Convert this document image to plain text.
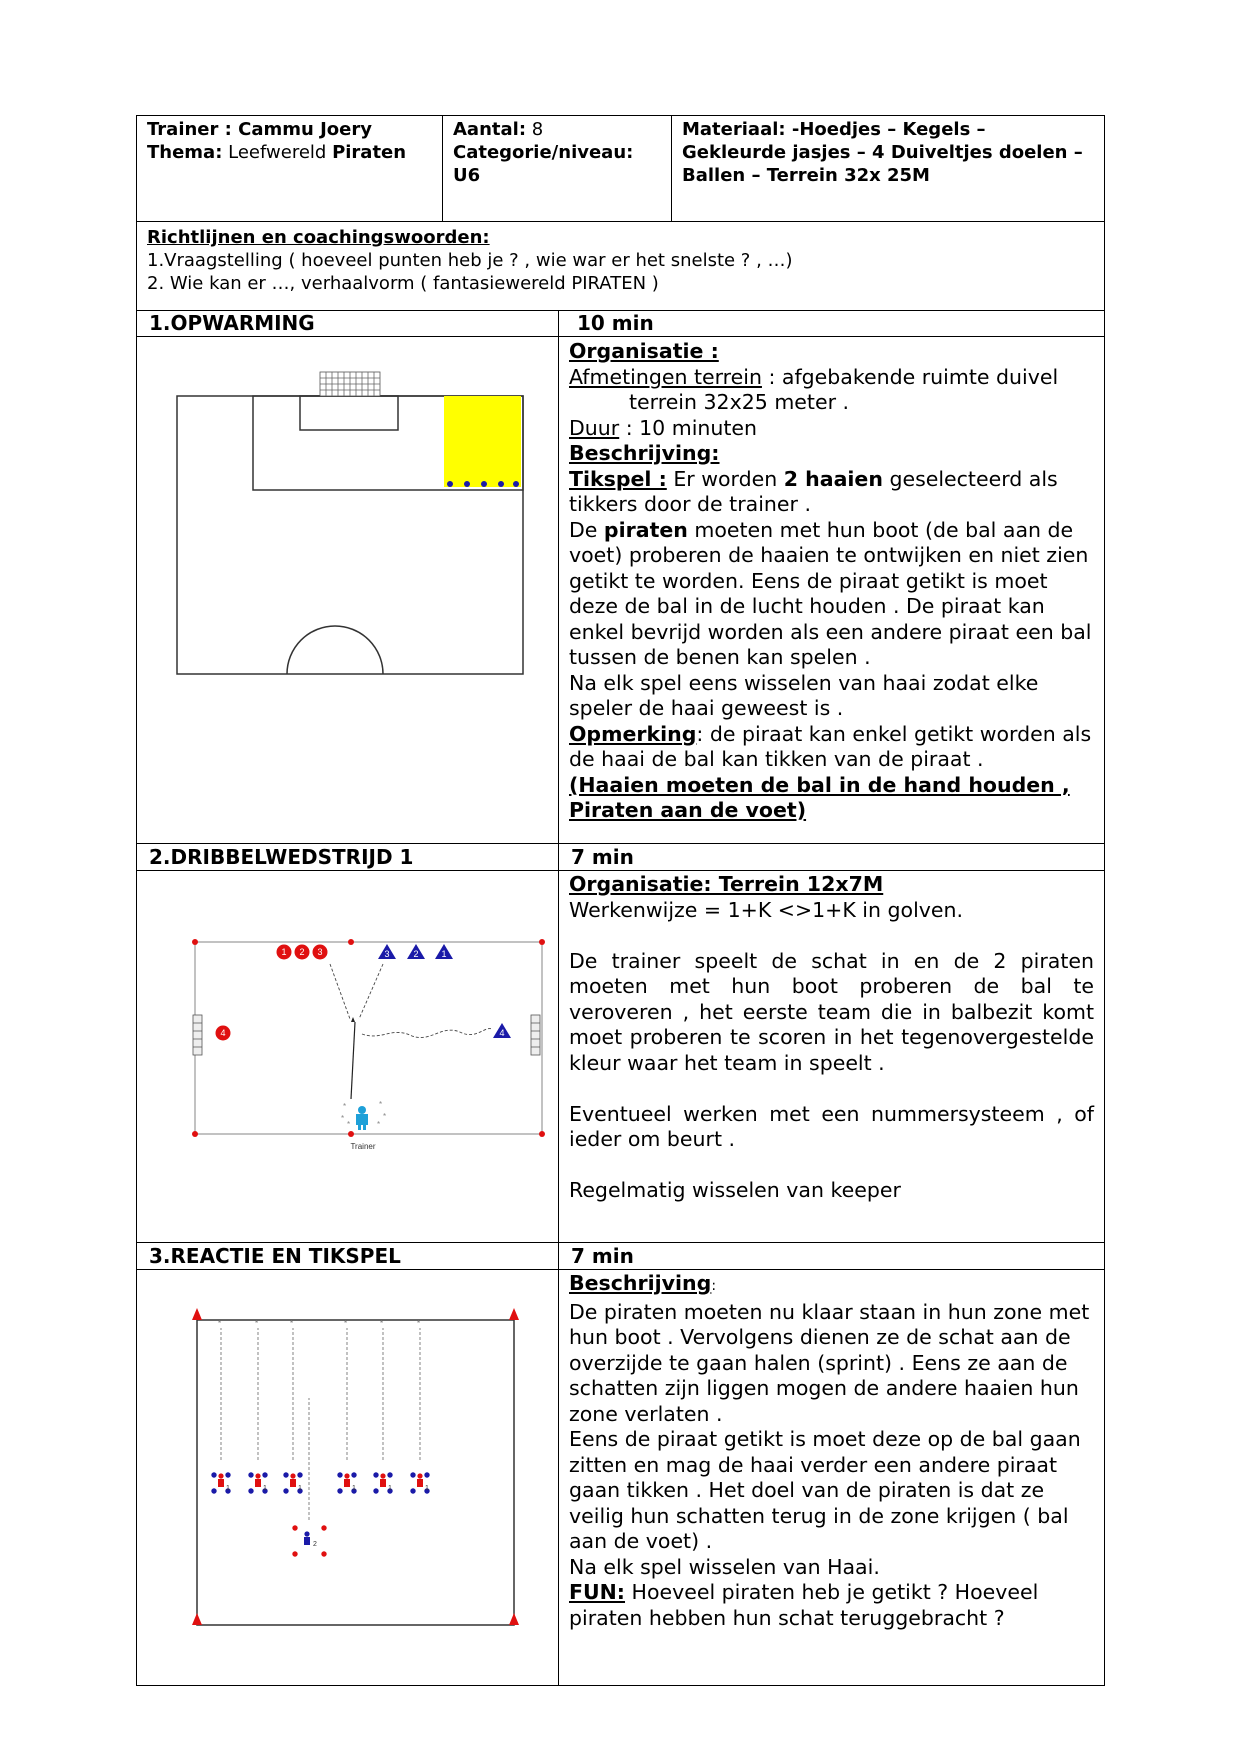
Trainer : Cammu Joery
Thema: Leefwereld Piraten
Aantal: 8
Categorie/niveau:
U6
Materiaal: -Hoedjes – Kegels – Gekleurde jasjes – 4 Duiveltjes doelen – Ballen – Terrein 32x 25M
Richtlijnen en coachingswoorden:
1.Vraagstelling ( hoeveel punten heb je ? , wie war er het snelste ? , …)
2. Wie kan er …, verhaalvorm ( fantasiewereld PIRATEN )
1.OPWARMING	10 min

Organisatie :

Afmetingen terrein : afgebakende ruimte duivel

terrein 32x25 meter .

Duur : 10 minuten

Beschrijving:

Tikspel : Er worden 2 haaien geselecteerd als tikkers door de trainer .

De piraten moeten met hun boot (de bal aan de voet) proberen de haaien te ontwijken en niet zien getikt te worden. Eens de piraat getikt is moet deze de bal in de lucht houden . De piraat kan enkel bevrijd worden als een andere piraat een bal tussen de benen kan spelen .

Na elk spel eens wisselen van haai zodat elke speler de haai geweest is .

Opmerking: de piraat kan enkel getikt worden als de haai de bal kan tikken van de piraat .

(Haaien moeten de bal in de hand houden , Piraten aan de voet)

2.DRIBBELWEDSTRIJD 1	7 min
1 2 3
4
3	2	1
4
*	*
*	*
*	*
Trainer

Organisatie: Terrein 12x7M

Werkenwijze = 1+K <>1+K in golven.

De trainer speelt de schat in en de 2 piraten moeten met hun boot proberen de bal te veroveren , het eerste team die in balbezit komt moet proberen te scoren in het tegenovergestelde kleur waar het team in speelt .

Eventueel werken met een nummersysteem , of ieder om beurt .

Regelmatig wisselen van keeper

3.REACTIE EN TIKSPEL	7 min
*
1
*
1
*
1
*
1
*
1
*
1
2

Beschrijving:

De piraten moeten nu klaar staan in hun zone met hun boot . Vervolgens dienen ze de schat aan de overzijde te gaan halen (sprint) . Eens ze aan de schatten zijn liggen mogen de andere haaien hun zone verlaten .

Eens de piraat getikt is moet deze op de bal gaan zitten en mag de haai verder een andere piraat gaan tikken . Het doel van de piraten is dat ze veilig hun schatten terug in de zone krijgen ( bal aan de voet) .

Na elk spel wisselen van Haai.

FUN: Hoeveel piraten heb je getikt ? Hoeveel piraten hebben hun schat teruggebracht ?
